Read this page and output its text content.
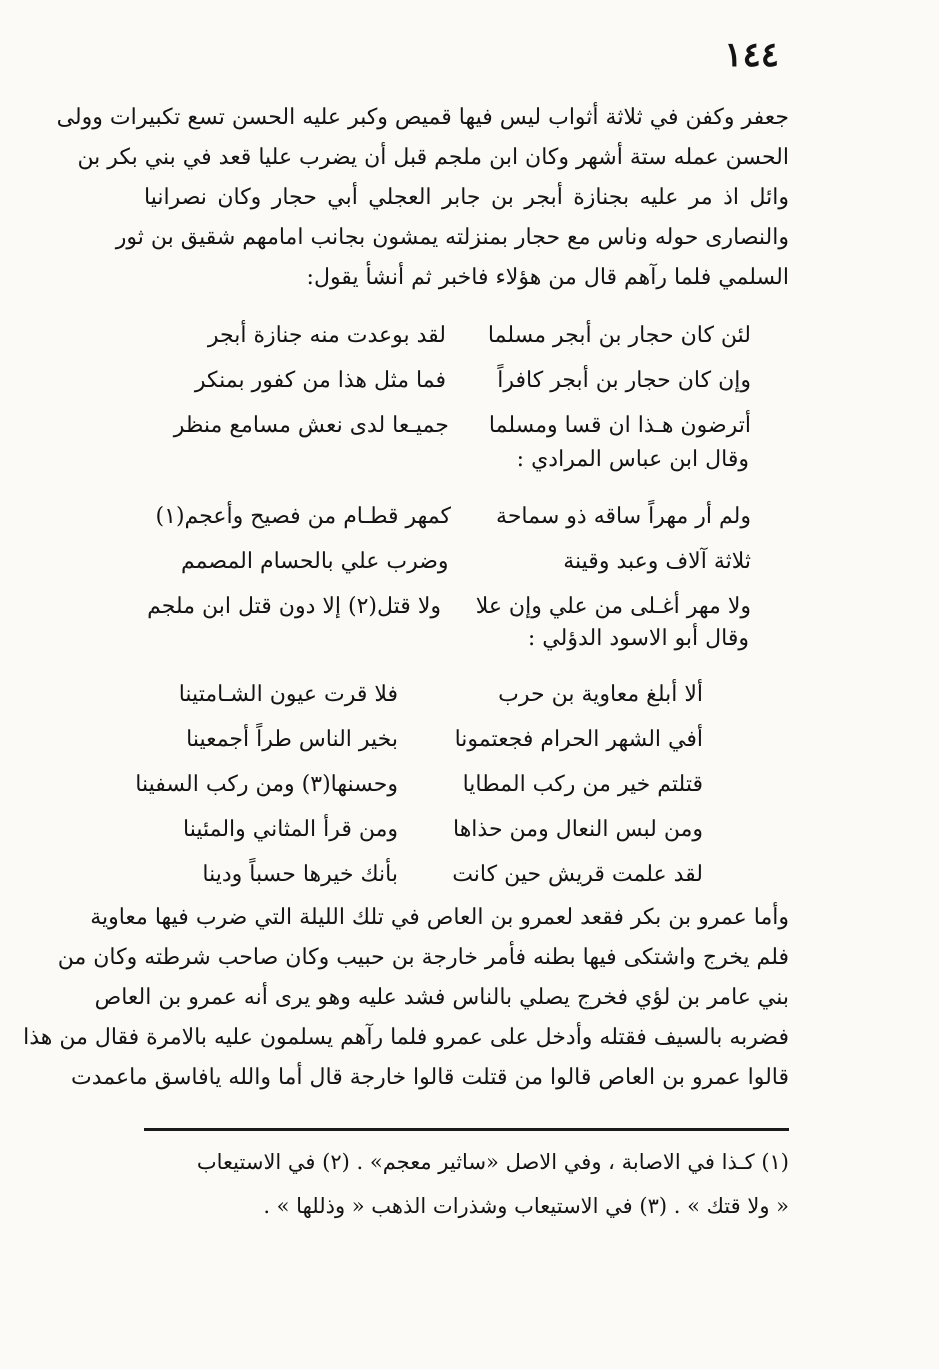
١٤٤
جعفر وكفن في ثلاثة أثواب ليس فيها قميص وكبر عليه الحسن تسع تكبيرات وولى
الحسن عمله ستة أشهر وكان ابن ملجم قبل أن يضرب عليا قعد في بني بكر بن
وائل اذ مر عليه بجنازة أبجر بن جابر العجلي أبي حجار وكان نصرانيا
والنصارى حوله وناس مع حجار بمنزلته يمشون بجانب امامهم شقيق بن ثور
السلمي فلما رآهم قال من هؤلاء فاخبر ثم أنشأ يقول:
لئن كان حجار بن أبجر مسلما
لقد بوعدت منه جنازة أبجر
وإن كان حجار بن أبجر كافراً
فما مثل هذا من كفور بمنكر
أترضون هـذا ان قسا ومسلما
جميـعا لدى نعش مسامع منظر
وقال ابن عباس المرادي :
ولم أر مهراً ساقه ذو سماحة
كمهر قطـام من فصيح وأعجم(١)
ثلاثة آلاف وعبد وقينة
وضرب علي بالحسام المصمم
ولا مهر أغـلى من علي وإن علا
ولا قتل(٢) إلا دون قتل ابن ملجم
وقال أبو الاسود الدؤلي :
ألا أبلغ معاوية بن حرب
فلا قرت عيون الشـامتينا
أفي الشهر الحرام فجعتمونا
بخير الناس طراً أجمعينا
قتلتم خير من ركب المطايا
وحسنها(٣) ومن ركب السفينا
ومن لبس النعال ومن حذاها
ومن قرأ المثاني والمئينا
لقد علمت قريش حين كانت
بأنك خيرها حسباً ودينا
وأما عمرو بن بكر فقعد لعمرو بن العاص في تلك الليلة التي ضرب فيها معاوية
فلم يخرج واشتكى فيها بطنه فأمر خارجة بن حبيب وكان صاحب شرطته وكان من
بني عامر بن لؤي فخرج يصلي بالناس فشد عليه وهو يرى أنه عمرو بن العاص
فضربه بالسيف فقتله وأدخل على عمرو فلما رآهم يسلمون عليه بالامرة فقال من هذا
قالوا عمرو بن العاص قالوا من قتلت قالوا خارجة قال أما والله يافاسق ماعمدت
(١) كـذا في الاصابة ، وفي الاصل «ساثير معجم» . (٢) في الاستيعاب
« ولا قتك » . (٣) في الاستيعاب وشذرات الذهب « وذللها » .
